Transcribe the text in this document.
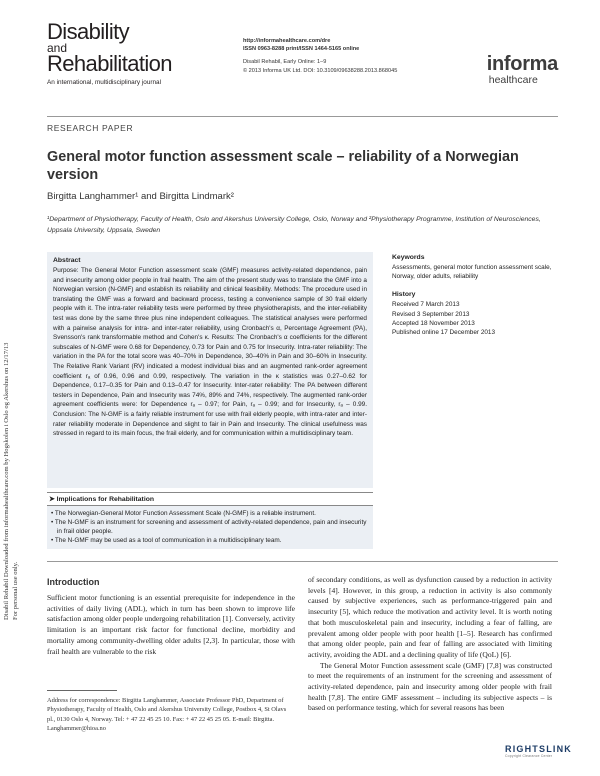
Disabil Rehabil Downloaded from informahealthcare.com by Hogskolen i Oslo og Akershus on 12/17/13 For personal use only.
Disability
and
Rehabilitation
An international, multidisciplinary journal
http://informahealthcare.com/dre
ISSN 0963-8288 print/ISSN 1464-5165 online
Disabil Rehabil, Early Online: 1–9
© 2013 Informa UK Ltd. DOI: 10.3109/09638288.2013.868045	informa
healthcare
RESEARCH PAPER
General motor function assessment scale – reliability of a Norwegian version
Birgitta Langhammer¹ and Birgitta Lindmark²
¹Department of Physiotherapy, Faculty of Health, Oslo and Akershus University College, Oslo, Norway and ²Physiotherapy Programme, Institution of Neurosciences, Uppsala University, Uppsala, Sweden
Abstract
Purpose: The General Motor Function assessment scale (GMF) measures activity-related dependence, pain and insecurity among older people in frail health. The aim of the present study was to translate the GMF into a Norwegian version (N-GMF) and establish its reliability and clinical feasibility. Methods: The procedure used in translating the GMF was a forward and backward process, testing a convenience sample of 30 frail elderly people with it. The intra-rater reliability tests were performed by three physiotherapists, and the inter-reliability test was done by the same three plus nine independent colleagues. The statistical analyses were performed with a pairwise analysis for intra- and inter-rater reliability, using Cronbach's α, Percentage Agreement (PA), Svensson's rank transformable method and Cohen's κ. Results: The Cronbach's α coefficients for the different subscales of N-GMF were 0.68 for Dependency, 0.73 for Pain and 0.75 for Insecurity. Intra-rater reliability: The variation in the PA for the total score was 40–70% in Dependence, 30–40% in Pain and 30–60% in Insecurity. The Relative Rank Variant (RV) indicated a modest individual bias and an augmented rank-order agreement coefficient rₐ of 0.96, 0.96 and 0.99, respectively. The variation in the κ statistics was 0.27–0.62 for Dependence, 0.17–0.35 for Pain and 0.13–0.47 for Insecurity. Inter-rater reliability: The PA between different testers in Dependence, Pain and Insecurity was 74%, 89% and 74%, respectively. The augmented rank-order agreement coefficients were: for Dependence rₐ – 0.97; for Pain, rₐ – 0.99; and for Insecurity, rₐ – 0.99. Conclusion: The N-GMF is a fairly reliable instrument for use with frail elderly people, with intra-rater and inter-rater reliability moderate in Dependence and slight to fair in Pain and Insecurity. The clinical usefulness was stressed in regard to its main focus, the frail elderly, and for communication within a multidisciplinary team.
Keywords
Assessments, general motor function assessment scale, Norway, older adults, reliability
History
Received 7 March 2013
Revised 3 September 2013
Accepted 18 November 2013
Published online 17 December 2013
➤ Implications for Rehabilitation
• The Norwegian-General Motor Function Assessment Scale (N-GMF) is a reliable instrument.
• The N-GMF is an instrument for screening and assessment of activity-related dependence, pain and insecurity in frail older people.
• The N-GMF may be used as a tool of communication in a multidisciplinary team.
Introduction
Sufficient motor functioning is an essential prerequisite for independence in the activities of daily living (ADL), which in turn has been shown to improve life satisfaction among older people undergoing rehabilitation [1]. Conversely, activity limitation is an important risk factor for functional decline, morbidity and mortality among community-dwelling older adults [2,3]. In particular, those with frail health are vulnerable to the risk
of secondary conditions, as well as dysfunction caused by a reduction in activity levels [4]. However, in this group, a reduction in activity is also commonly caused by subjective experiences, such as performance-triggered pain and insecurity [5], which reduce the motivation and activity level. It is worth noting that both musculoskeletal pain and insecurity, including a fear of falling, are prevalent among older people with poor health [1–5]. Research has confirmed that among older people, pain and fear of falling are associated with limiting activity, avoiding the ADL and a declining quality of life (QoL) [6].
The General Motor Function assessment scale (GMF) [7,8] was constructed to meet the requirements of an instrument for the screening and assessment of activity-related dependence, pain and insecurity among older people with frail health [7,8]. The entire GMF assessment – including its subjective aspects – is based on performance testing, which for several reasons has been
Address for correspondence: Birgitta Langhammer, Associate Professor PhD, Department of Physiotherapy, Faculty of Health, Oslo and Akershus University College, Postbox 4, St Olavs pl., 0130 Oslo 4, Norway. Tel: + 47 22 45 25 10. Fax: + 47 22 45 25 05. E-mail: Birgitta. Langhammer@hioa.no
RIGHTSLINK
Copyright Clearance Center
